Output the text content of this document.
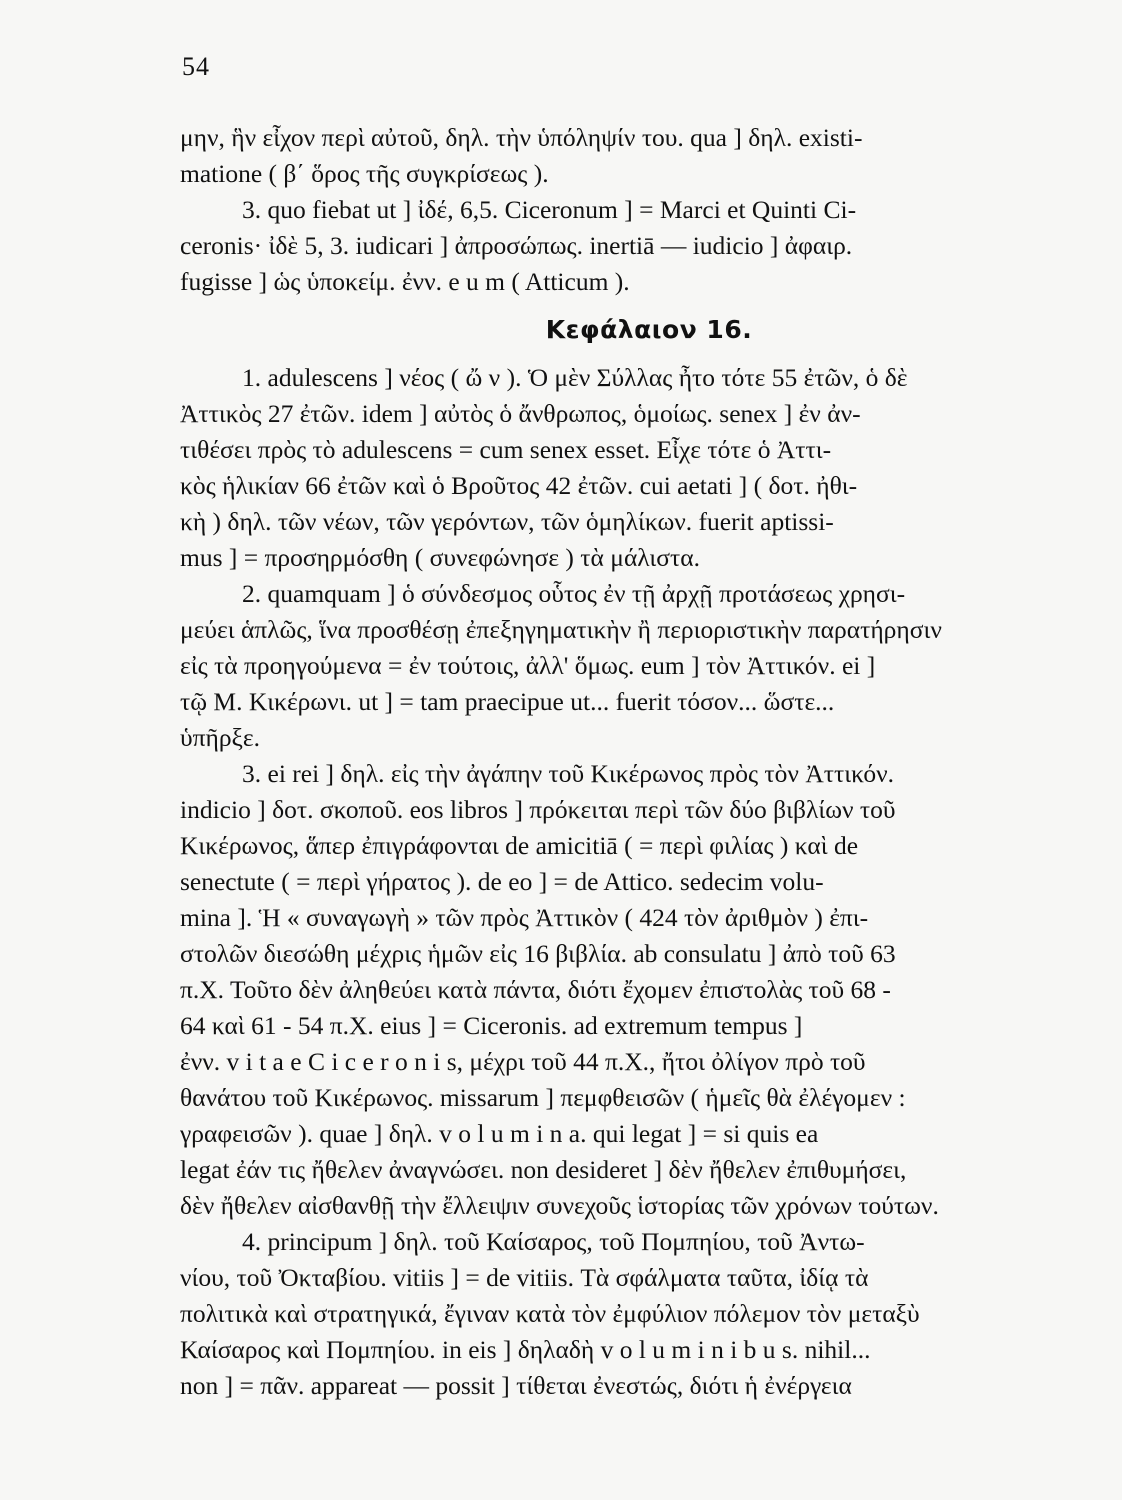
54
μην, ἣν εἶχον περὶ αὐτοῦ, δηλ. τὴν ὑπόληψίν του. qua ] δηλ. existi-
matione ( β΄ ὅρος τῆς συγκρίσεως ).
3. quo fiebat ut ] ἰδέ, 6,5. Ciceronum ] = Marci et Quinti Ci-
ceronis· ἰδὲ 5, 3. iudicari ] ἀπροσώπως. inertiā — iudicio ] ἀφαιρ.
fugisse ] ὡς ὑποκείμ. ἐνν. e u m ( Atticum ).
Κεφάλαιον 16.
1. adulescens ] νέος ( ὤ ν ). Ὁ μὲν Σύλλας ἦτο τότε 55 ἐτῶν, ὁ δὲ
Ἀττικὸς 27 ἐτῶν. idem ] αὐτὸς ὁ ἄνθρωπος, ὁμοίως. senex ] ἐν ἀν-
τιθέσει πρὸς τὸ adulescens = cum senex esset. Εἶχε τότε ὁ Ἀττι-
κὸς ἡλικίαν 66 ἐτῶν καὶ ὁ Βροῦτος 42 ἐτῶν. cui aetati ] ( δοτ. ἠθι-
κὴ ) δηλ. τῶν νέων, τῶν γερόντων, τῶν ὁμηλίκων. fuerit aptissi-
mus ] = προσηρμόσθη ( συνεφώνησε ) τὰ μάλιστα.
2. quamquam ] ὁ σύνδεσμος οὗτος ἐν τῇ ἀρχῇ προτάσεως χρησι-
μεύει ἁπλῶς, ἵνα προσθέσῃ ἐπεξηγηματικὴν ἢ περιοριστικὴν παρατήρησιν
εἰς τὰ προηγούμενα = ἐν τούτοις, ἀλλ' ὅμως. eum ] τὸν Ἀττικόν. ei ]
τῷ Μ. Κικέρωνι. ut ] = tam praecipue ut... fuerit τόσον... ὥστε...
ὑπῆρξε.
3. ei rei ] δηλ. εἰς τὴν ἀγάπην τοῦ Κικέρωνος πρὸς τὸν Ἀττικόν.
indicio ] δοτ. σκοποῦ. eos libros ] πρόκειται περὶ τῶν δύο βιβλίων τοῦ
Κικέρωνος, ἅπερ ἐπιγράφονται de amicitiā ( = περὶ φιλίας ) καὶ de
senectute ( = περὶ γήρατος ). de eo ] = de Attico. sedecim volu-
mina ]. Ἡ « συναγωγὴ » τῶν πρὸς Ἀττικὸν ( 424 τὸν ἀριθμὸν ) ἐπι-
στολῶν διεσώθη μέχρις ἡμῶν εἰς 16 βιβλία. ab consulatu ] ἀπὸ τοῦ 63
π.Χ. Τοῦτο δὲν ἀληθεύει κατὰ πάντα, διότι ἔχομεν ἐπιστολὰς τοῦ 68 -
64 καὶ 61 - 54 π.Χ. eius ] = Ciceronis. ad extremum tempus ]
ἐνν. v i t a e C i c e r o n i s, μέχρι τοῦ 44 π.Χ., ἤτοι ὀλίγον πρὸ τοῦ
θανάτου τοῦ Κικέρωνος. missarum ] πεμφθεισῶν ( ἡμεῖς θὰ ἐλέγομεν :
γραφεισῶν ). quae ] δηλ. v o l u m i n a. qui legat ] = si quis ea
legat ἐάν τις ἤθελεν ἀναγνώσει. non desideret ] δὲν ἤθελεν ἐπιθυμήσει,
δὲν ἤθελεν αἰσθανθῇ τὴν ἔλλειψιν συνεχοῦς ἱστορίας τῶν χρόνων τούτων.
4. principum ] δηλ. τοῦ Καίσαρος, τοῦ Πομπηίου, τοῦ Ἀντω-
νίου, τοῦ Ὀκταβίου. vitiis ] = de vitiis. Τὰ σφάλματα ταῦτα, ἰδίᾳ τὰ
πολιτικὰ καὶ στρατηγικά, ἔγιναν κατὰ τὸν ἐμφύλιον πόλεμον τὸν μεταξὺ
Καίσαρος καὶ Πομπηίου. in eis ] δηλαδὴ v o l u m i n i b u s. nihil...
non ] = πᾶν. appareat — possit ] τίθεται ἐνεστώς, διότι ἡ ἐνέργεια
